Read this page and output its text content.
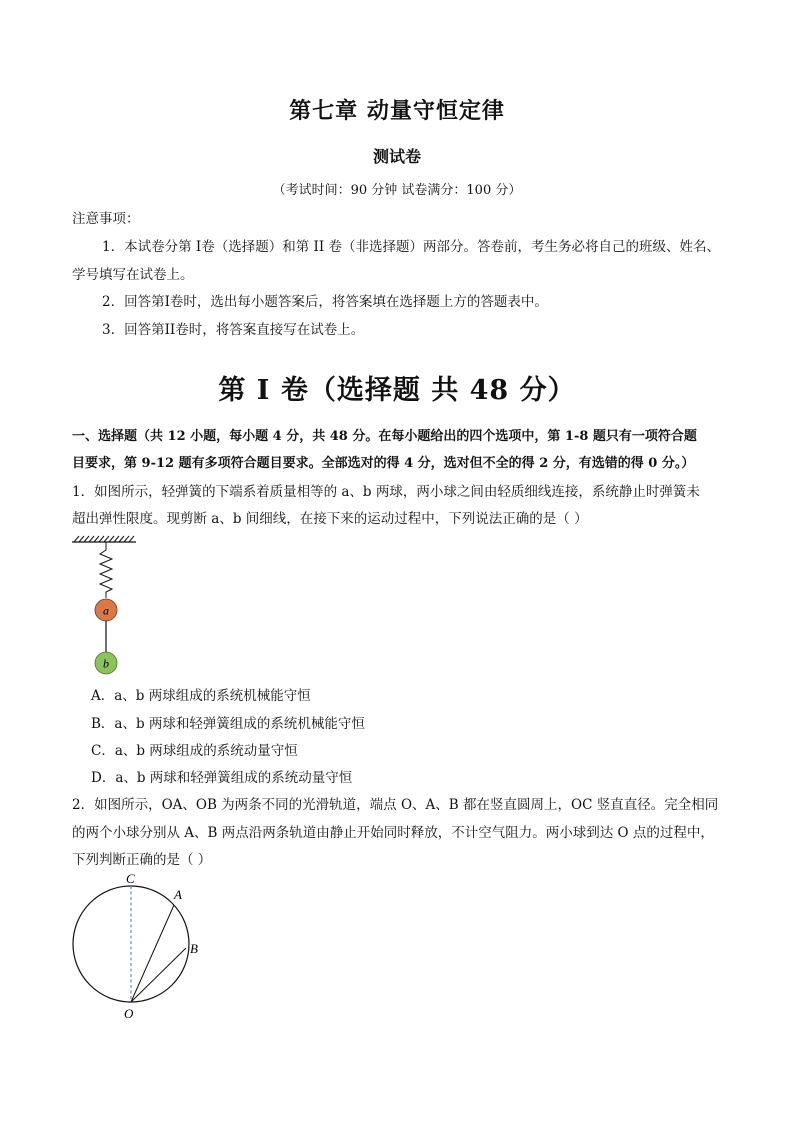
第七章 动量守恒定律
测试卷
（考试时间：90 分钟 试卷满分：100 分）
注意事项：
1．本试卷分第 I卷（选择题）和第 II 卷（非选择题）两部分。答卷前，考生务必将自己的班级、姓名、
学号填写在试卷上。
2．回答第I卷时，选出每小题答案后，将答案填在选择题上方的答题表中。
3．回答第II卷时，将答案直接写在试卷上。
第 I 卷（选择题 共 48 分）
一、选择题（共 12 小题，每小题 4 分，共 48 分。在每小题给出的四个选项中，第 1-8 题只有一项符合题
目要求，第 9-12 题有多项符合题目要求。全部选对的得 4 分，选对但不全的得 2 分，有选错的得 0 分。）
1．如图所示，轻弹簧的下端系着质量相等的 a、b 两球，两小球之间由轻质细线连接，系统静止时弹簧未
超出弹性限度。现剪断 a、b 间细线，在接下来的运动过程中，下列说法正确的是（ ）
a
b
A．a、b 两球组成的系统机械能守恒
B．a、b 两球和轻弹簧组成的系统机械能守恒
C．a、b 两球组成的系统动量守恒
D．a、b 两球和轻弹簧组成的系统动量守恒
2．如图所示，OA、OB 为两条不同的光滑轨道，端点 O、A、B 都在竖直圆周上，OC 竖直直径。完全相同
的两个小球分别从 A、B 两点沿两条轨道由静止开始同时释放，不计空气阻力。两小球到达 O 点的过程中，
下列判断正确的是（ ）
C
A
B
O
